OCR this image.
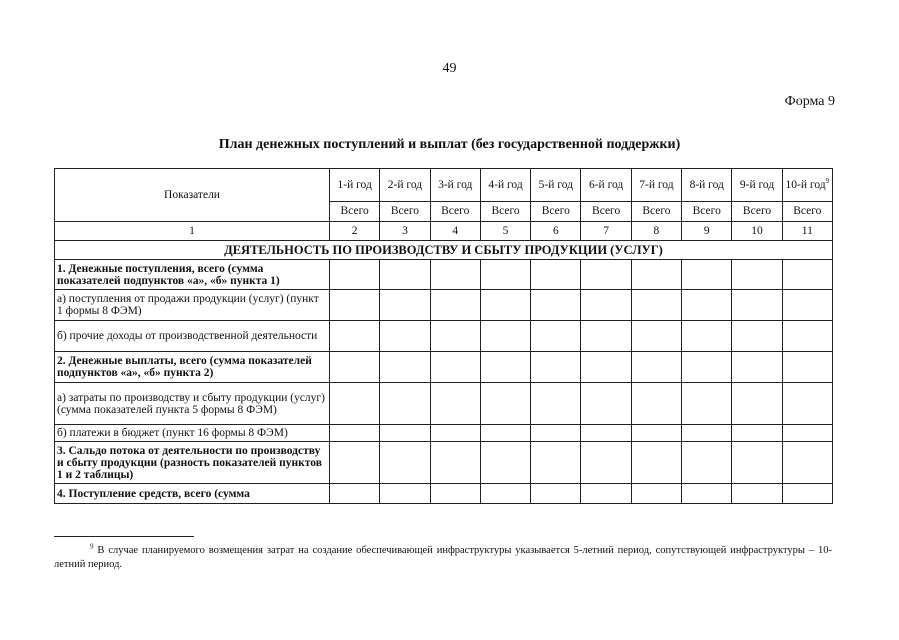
49
Форма 9
План денежных поступлений и выплат (без государственной поддержки)
Показатели	1-й год	2-й год	3-й год	4-й год	5-й год	6-й год	7-й год	8-й год	9-й год	10-й год$^9$
	Всего	Всего	Всего	Всего	Всего	Всего	Всего	Всего	Всего	Всего
1	2	3	4	5	6	7	8	9	10	11
ДЕЯТЕЛЬНОСТЬ ПО ПРОИЗВОДСТВУ И СБЫТУ ПРОДУКЦИИ (УСЛУГ)										
1. Денежные поступления, всего (сумма показателей подпунктов «а», «б» пункта 1)										
а) поступления от продажи продукции (услуг) (пункт 1 формы 8 ФЭМ)										
б) прочие доходы от производственной деятельности										
2. Денежные выплаты, всего (сумма показателей подпунктов «а», «б» пункта 2)										
а) затраты по производству и сбыту продукции (услуг) (сумма показателей пункта 5 формы 8 ФЭМ)										
б) платежи в бюджет (пункт 16 формы 8 ФЭМ)										
3. Сальдо потока от деятельности по производству и сбыту продукции (разность показателей пунктов 1 и 2 таблицы)										
4. Поступление средств, всего (сумма										
$^9$ В случае планируемого возмещения затрат на создание обеспечивающей инфраструктуры указывается 5-летний период, сопутствующей инфраструктуры – 10-летний период.
